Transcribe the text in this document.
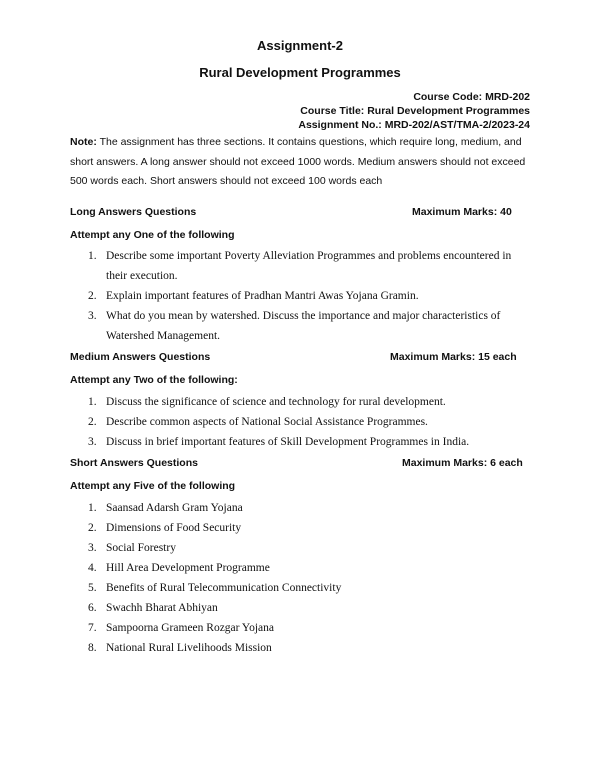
Assignment-2
Rural Development Programmes
Course Code: MRD-202
Course Title: Rural Development Programmes
Assignment No.: MRD-202/AST/TMA-2/2023-24
Note: The assignment has three sections. It contains questions, which require long, medium, and short answers. A long answer should not exceed 1000 words. Medium answers should not exceed 500 words each. Short answers should not exceed 100 words each
Long Answers Questions	Maximum Marks: 40
Attempt any One of the following
1. Describe some important Poverty Alleviation Programmes and problems encountered in their execution.
2. Explain important features of Pradhan Mantri Awas Yojana Gramin.
3. What do you mean by watershed. Discuss the importance and major characteristics of Watershed Management.
Medium Answers Questions	Maximum Marks: 15 each
Attempt any Two of the following:
1. Discuss the significance of science and technology for rural development.
2. Describe common aspects of National Social Assistance Programmes.
3. Discuss in brief important features of Skill Development Programmes in India.
Short Answers Questions	Maximum Marks: 6 each
Attempt any Five of the following
1. Saansad Adarsh Gram Yojana
2. Dimensions of Food Security
3. Social Forestry
4. Hill Area Development Programme
5. Benefits of Rural Telecommunication Connectivity
6. Swachh Bharat Abhiyan
7. Sampoorna Grameen Rozgar Yojana
8. National Rural Livelihoods Mission
